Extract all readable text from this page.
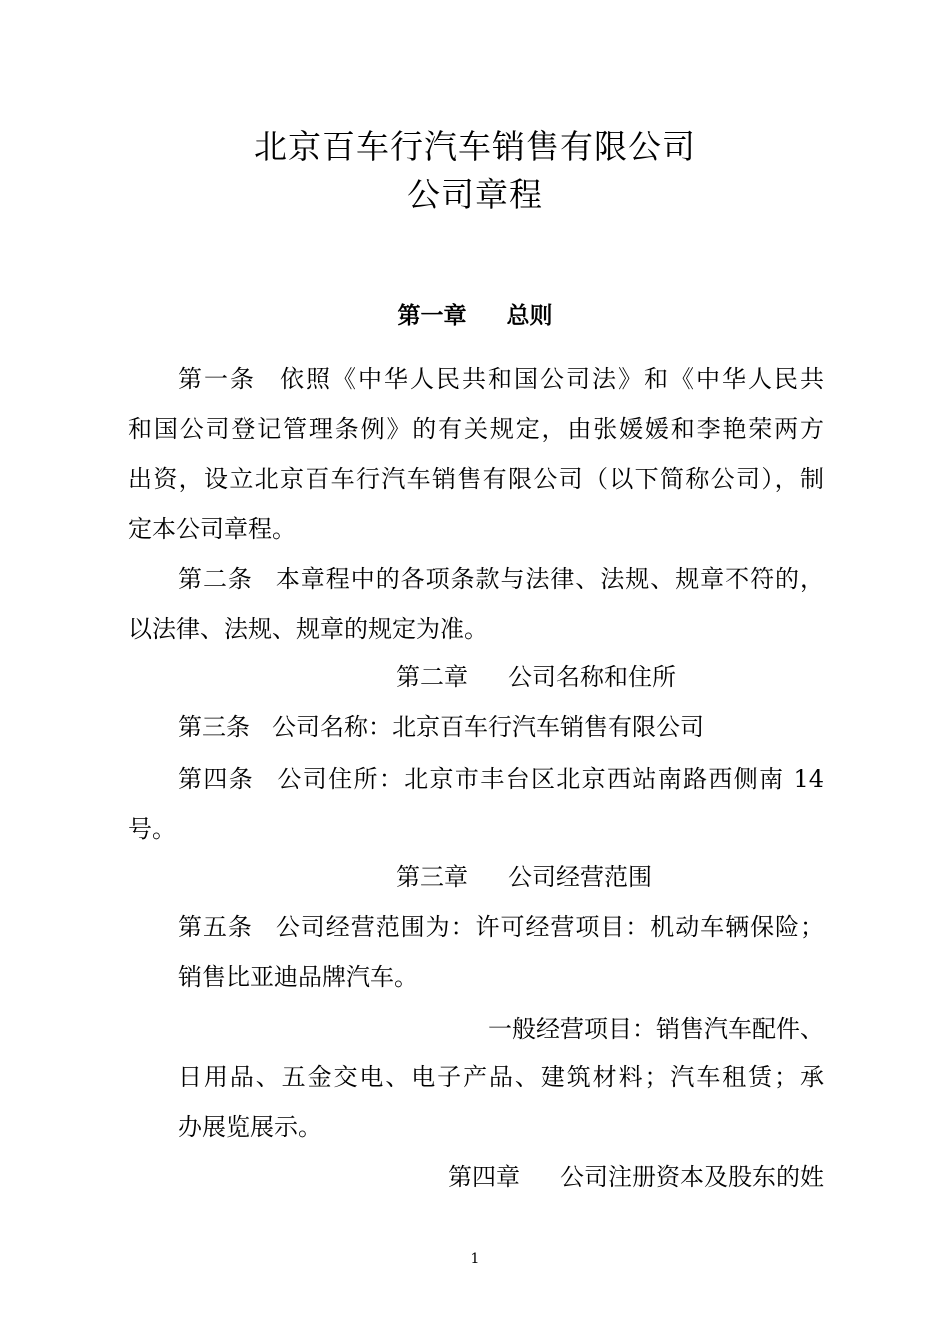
北京百车行汽车销售有限公司
公司章程
第一章 总则
第一条 依照《中华人民共和国公司法》和《中华人民共
和国公司登记管理条例》的有关规定，由张媛媛和李艳荣两方
出资，设立北京百车行汽车销售有限公司（以下简称公司），制
定本公司章程。
第二条 本章程中的各项条款与法律、法规、规章不符的，
以法律、法规、规章的规定为准。
第二章 公司名称和住所
第三条 公司名称：北京百车行汽车销售有限公司
第四条 公司住所：北京市丰台区北京西站南路西侧南 14
号。
第三章 公司经营范围
第五条 公司经营范围为：许可经营项目：机动车辆保险；
销售比亚迪品牌汽车。
一般经营项目：销售汽车配件、
日用品、五金交电、电子产品、建筑材料；汽车租赁；承
办展览展示。
第四章 公司注册资本及股东的姓
1
